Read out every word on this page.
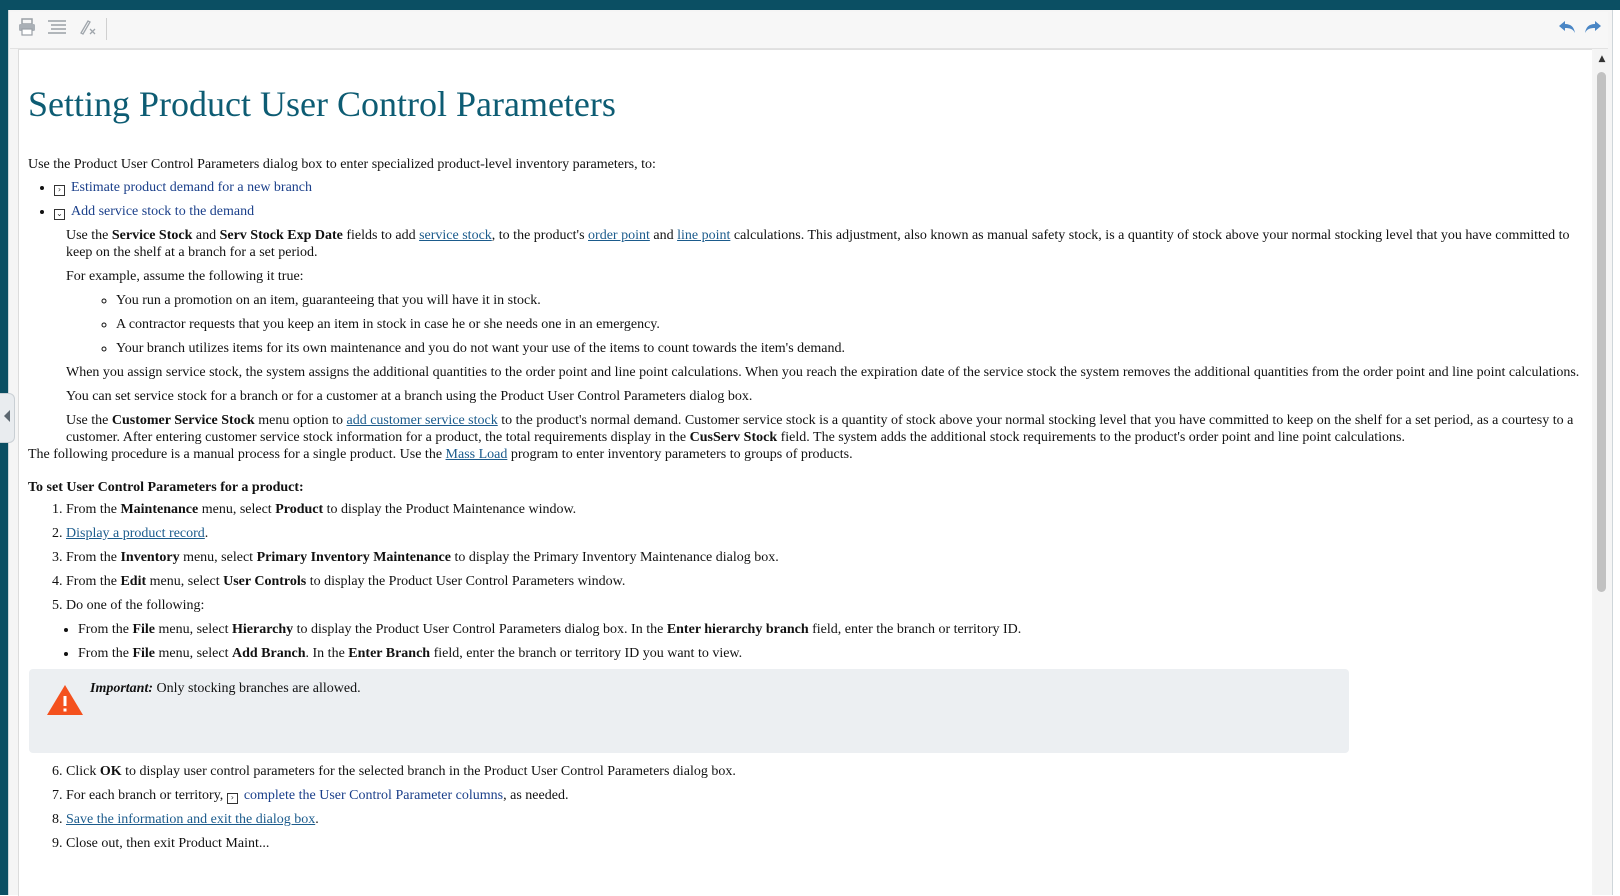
Setting Product User Control Parameters

Use the Product User Control Parameters dialog box to enter specialized product-level inventory parameters, to:

• › Estimate product demand for a new branch
• ⌄ Add service stock to the demand

Use the Service Stock and Serv Stock Exp Date fields to add service stock, to the product's order point and line point calculations. This adjustment, also known as manual safety stock, is a quantity of stock above your normal stocking level that you have committed to keep on the shelf at a branch for a set period.

For example, assume the following it true:

◦ You run a promotion on an item, guaranteeing that you will have it in stock.
◦ A contractor requests that you keep an item in stock in case he or she needs one in an emergency.
◦ Your branch utilizes items for its own maintenance and you do not want your use of the items to count towards the item's demand.

When you assign service stock, the system assigns the additional quantities to the order point and line point calculations. When you reach the expiration date of the service stock the system removes the additional quantities from the order point and line point calculations.

You can set service stock for a branch or for a customer at a branch using the Product User Control Parameters dialog box.

Use the Customer Service Stock menu option to add customer service stock to the product's normal demand. Customer service stock is a quantity of stock above your normal stocking level that you have committed to keep on the shelf for a set period, as a courtesy to a customer. After entering customer service stock information for a product, the total requirements display in the CusServ Stock field. The system adds the additional stock requirements to the product's order point and line point calculations.

The following procedure is a manual process for a single product. Use the Mass Load program to enter inventory parameters to groups of products.

To set User Control Parameters for a product:

1. From the Maintenance menu, select Product to display the Product Maintenance window.
2. Display a product record.
3. From the Inventory menu, select Primary Inventory Maintenance to display the Primary Inventory Maintenance dialog box.
4. From the Edit menu, select User Controls to display the Product User Control Parameters window.
5. Do one of the following:
• From the File menu, select Hierarchy to display the Product User Control Parameters dialog box. In the Enter hierarchy branch field, enter the branch or territory ID.
• From the File menu, select Add Branch. In the Enter Branch field, enter the branch or territory ID you want to view.
Important: Only stocking branches are allowed.
6. Click OK to display user control parameters for the selected branch in the Product User Control Parameters dialog box.
7. For each branch or territory, › complete the User Control Parameter columns, as needed.
8. Save the information and exit the dialog box.
9. Close out, then exit Product Maint...
▲
